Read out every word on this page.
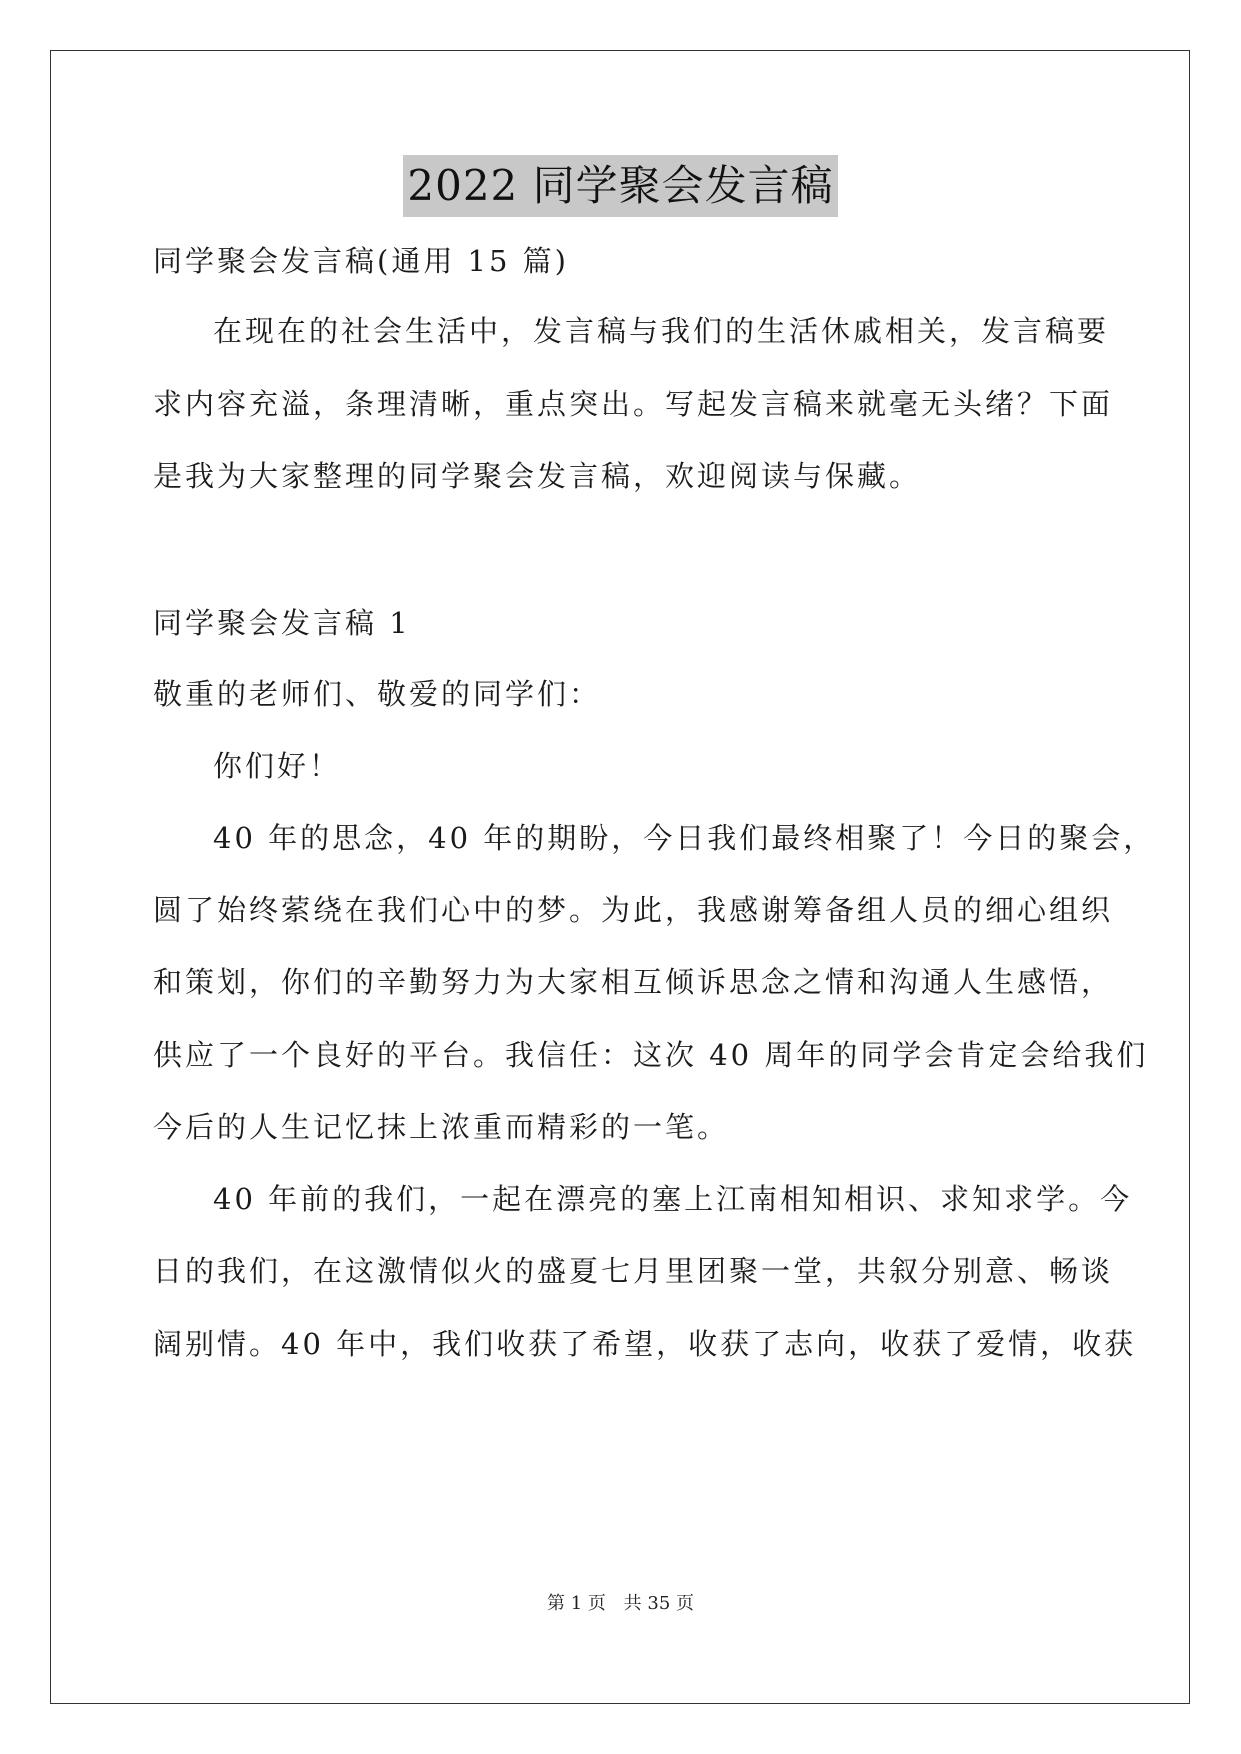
2022 同学聚会发言稿
同学聚会发言稿(通用 15 篇)
在现在的社会生活中，发言稿与我们的生活休戚相关，发言稿要
求内容充溢，条理清晰，重点突出。写起发言稿来就毫无头绪？下面
是我为大家整理的同学聚会发言稿，欢迎阅读与保藏。
同学聚会发言稿 1
敬重的老师们、敬爱的同学们：
你们好！
40 年的思念，40 年的期盼，今日我们最终相聚了！今日的聚会，
圆了始终萦绕在我们心中的梦。为此，我感谢筹备组人员的细心组织
和策划，你们的辛勤努力为大家相互倾诉思念之情和沟通人生感悟，
供应了一个良好的平台。我信任：这次 40 周年的同学会肯定会给我们
今后的人生记忆抹上浓重而精彩的一笔。
40 年前的我们，一起在漂亮的塞上江南相知相识、求知求学。今
日的我们，在这激情似火的盛夏七月里团聚一堂，共叙分别意、畅谈
阔别情。40 年中，我们收获了希望，收获了志向，收获了爱情，收获
第 1 页 共 35 页
